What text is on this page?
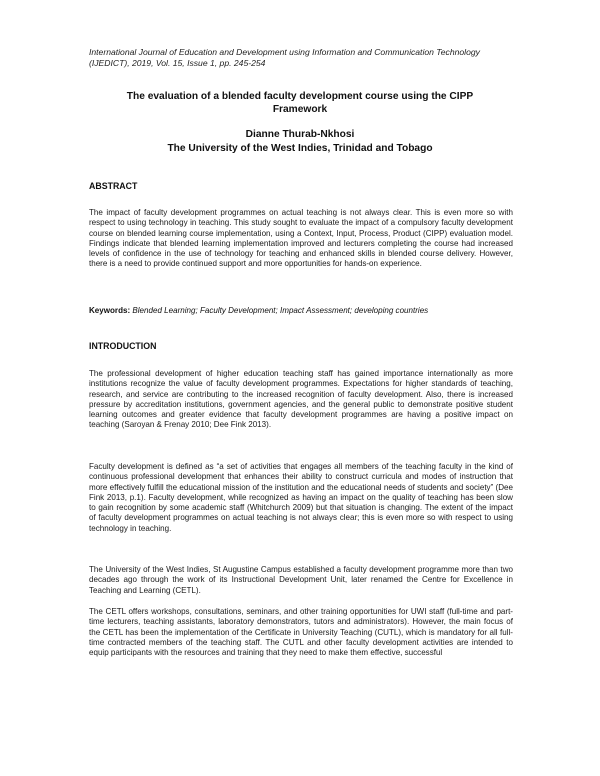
International Journal of Education and Development using Information and Communication Technology
(IJEDICT), 2019, Vol. 15, Issue 1, pp. 245-254
The evaluation of a blended faculty development course using the CIPP
Framework
Dianne Thurab-Nkhosi
The University of the West Indies, Trinidad and Tobago
ABSTRACT
The impact of faculty development programmes on actual teaching is not always clear. This is even more so with respect to using technology in teaching. This study sought to evaluate the impact of a compulsory faculty development course on blended learning course implementation, using a Context, Input, Process, Product (CIPP) evaluation model. Findings indicate that blended learning implementation improved and lecturers completing the course had increased levels of confidence in the use of technology for teaching and enhanced skills in blended course delivery. However, there is a need to provide continued support and more opportunities for hands-on experience.
Keywords: Blended Learning; Faculty Development; Impact Assessment; developing countries
INTRODUCTION
The professional development of higher education teaching staff has gained importance internationally as more institutions recognize the value of faculty development programmes. Expectations for higher standards of teaching, research, and service are contributing to the increased recognition of faculty development. Also, there is increased pressure by accreditation institutions, government agencies, and the general public to demonstrate positive student learning outcomes and greater evidence that faculty development programmes are having a positive impact on teaching (Saroyan & Frenay 2010; Dee Fink 2013).
Faculty development is defined as “a set of activities that engages all members of the teaching faculty in the kind of continuous professional development that enhances their ability to construct curricula and modes of instruction that more effectively fulfill the educational mission of the institution and the educational needs of students and society” (Dee Fink 2013, p.1). Faculty development, while recognized as having an impact on the quality of teaching has been slow to gain recognition by some academic staff (Whitchurch 2009) but that situation is changing. The extent of the impact of faculty development programmes on actual teaching is not always clear; this is even more so with respect to using technology in teaching.
The University of the West Indies, St Augustine Campus established a faculty development programme more than two decades ago through the work of its Instructional Development Unit, later renamed the Centre for Excellence in Teaching and Learning (CETL).
The CETL offers workshops, consultations, seminars, and other training opportunities for UWI staff (full-time and part-time lecturers, teaching assistants, laboratory demonstrators, tutors and administrators). However, the main focus of the CETL has been the implementation of the Certificate in University Teaching (CUTL), which is mandatory for all full-time contracted members of the teaching staff. The CUTL and other faculty development activities are intended to equip participants with the resources and training that they need to make them effective, successful
